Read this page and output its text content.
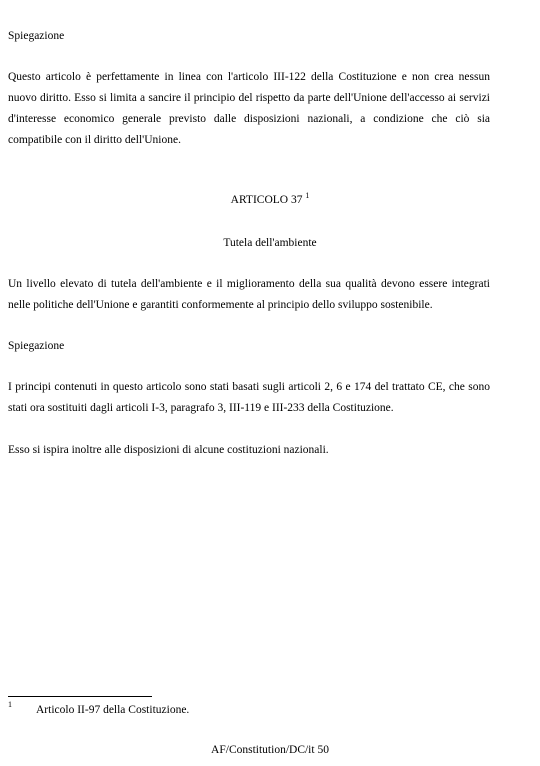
Spiegazione
Questo articolo è perfettamente in linea con l'articolo III-122 della Costituzione e non crea nessun nuovo diritto. Esso si limita a sancire il principio del rispetto da parte dell'Unione dell'accesso ai servizi d'interesse economico generale previsto dalle disposizioni nazionali, a condizione che ciò sia compatibile con il diritto dell'Unione.
ARTICOLO 37 $^1$
Tutela dell'ambiente
Un livello elevato di tutela dell'ambiente e il miglioramento della sua qualità devono essere integrati nelle politiche dell'Unione e garantiti conformemente al principio dello sviluppo sostenibile.
Spiegazione
I principi contenuti in questo articolo sono stati basati sugli articoli 2, 6 e 174 del trattato CE, che sono stati ora sostituiti dagli articoli I-3, paragrafo 3, III-119 e III-233 della Costituzione.
Esso si ispira inoltre alle disposizioni di alcune costituzioni nazionali.
1 Articolo II-97 della Costituzione.
AF/Constitution/DC/it 50
